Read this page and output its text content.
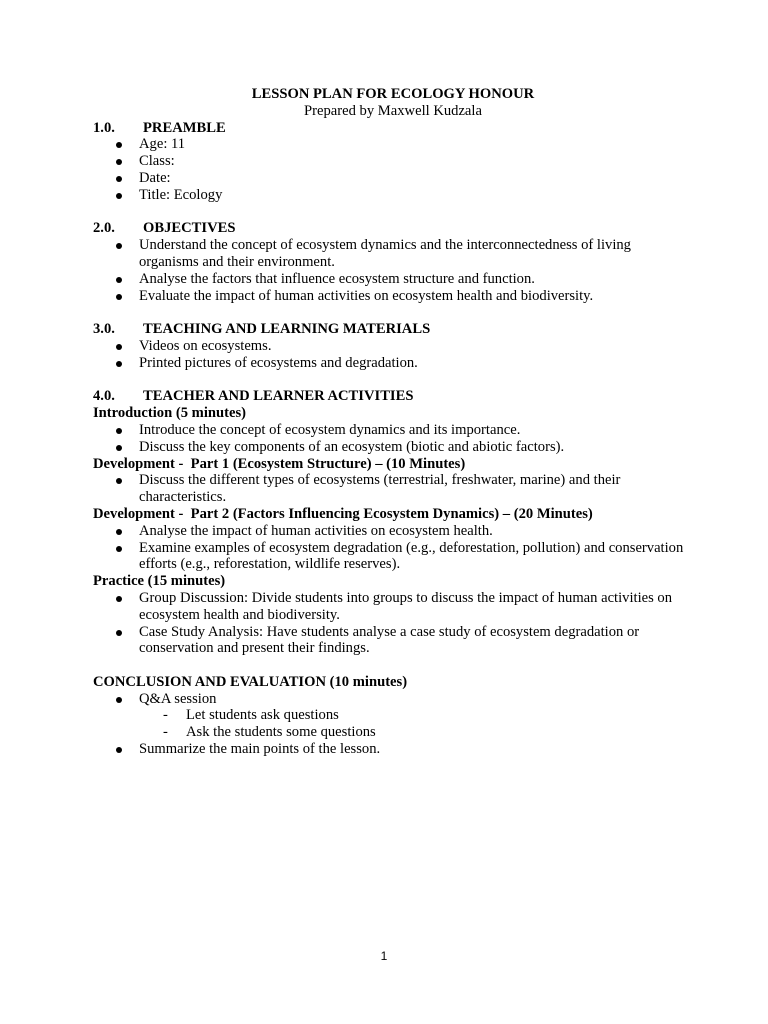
LESSON PLAN FOR ECOLOGY HONOUR
Prepared by Maxwell Kudzala
1.0.	PREAMBLE
Age: 11
Class:
Date:
Title: Ecology
2.0.	OBJECTIVES
Understand the concept of ecosystem dynamics and the interconnectedness of living organisms and their environment.
Analyse the factors that influence ecosystem structure and function.
Evaluate the impact of human activities on ecosystem health and biodiversity.
3.0.	TEACHING AND LEARNING MATERIALS
Videos on ecosystems.
Printed pictures of ecosystems and degradation.
4.0.	TEACHER AND LEARNER ACTIVITIES
Introduction (5 minutes)
Introduce the concept of ecosystem dynamics and its importance.
Discuss the key components of an ecosystem (biotic and abiotic factors).
Development -  Part 1 (Ecosystem Structure) – (10 Minutes)
Discuss the different types of ecosystems (terrestrial, freshwater, marine) and their characteristics.
Development -  Part 2 (Factors Influencing Ecosystem Dynamics) – (20 Minutes)
Analyse the impact of human activities on ecosystem health.
Examine examples of ecosystem degradation (e.g., deforestation, pollution) and conservation efforts (e.g., reforestation, wildlife reserves).
Practice (15 minutes)
Group Discussion: Divide students into groups to discuss the impact of human activities on ecosystem health and biodiversity.
Case Study Analysis: Have students analyse a case study of ecosystem degradation or conservation and present their findings.
CONCLUSION AND EVALUATION (10 minutes)
Q&A session
- Let students ask questions
- Ask the students some questions
Summarize the main points of the lesson.
1
